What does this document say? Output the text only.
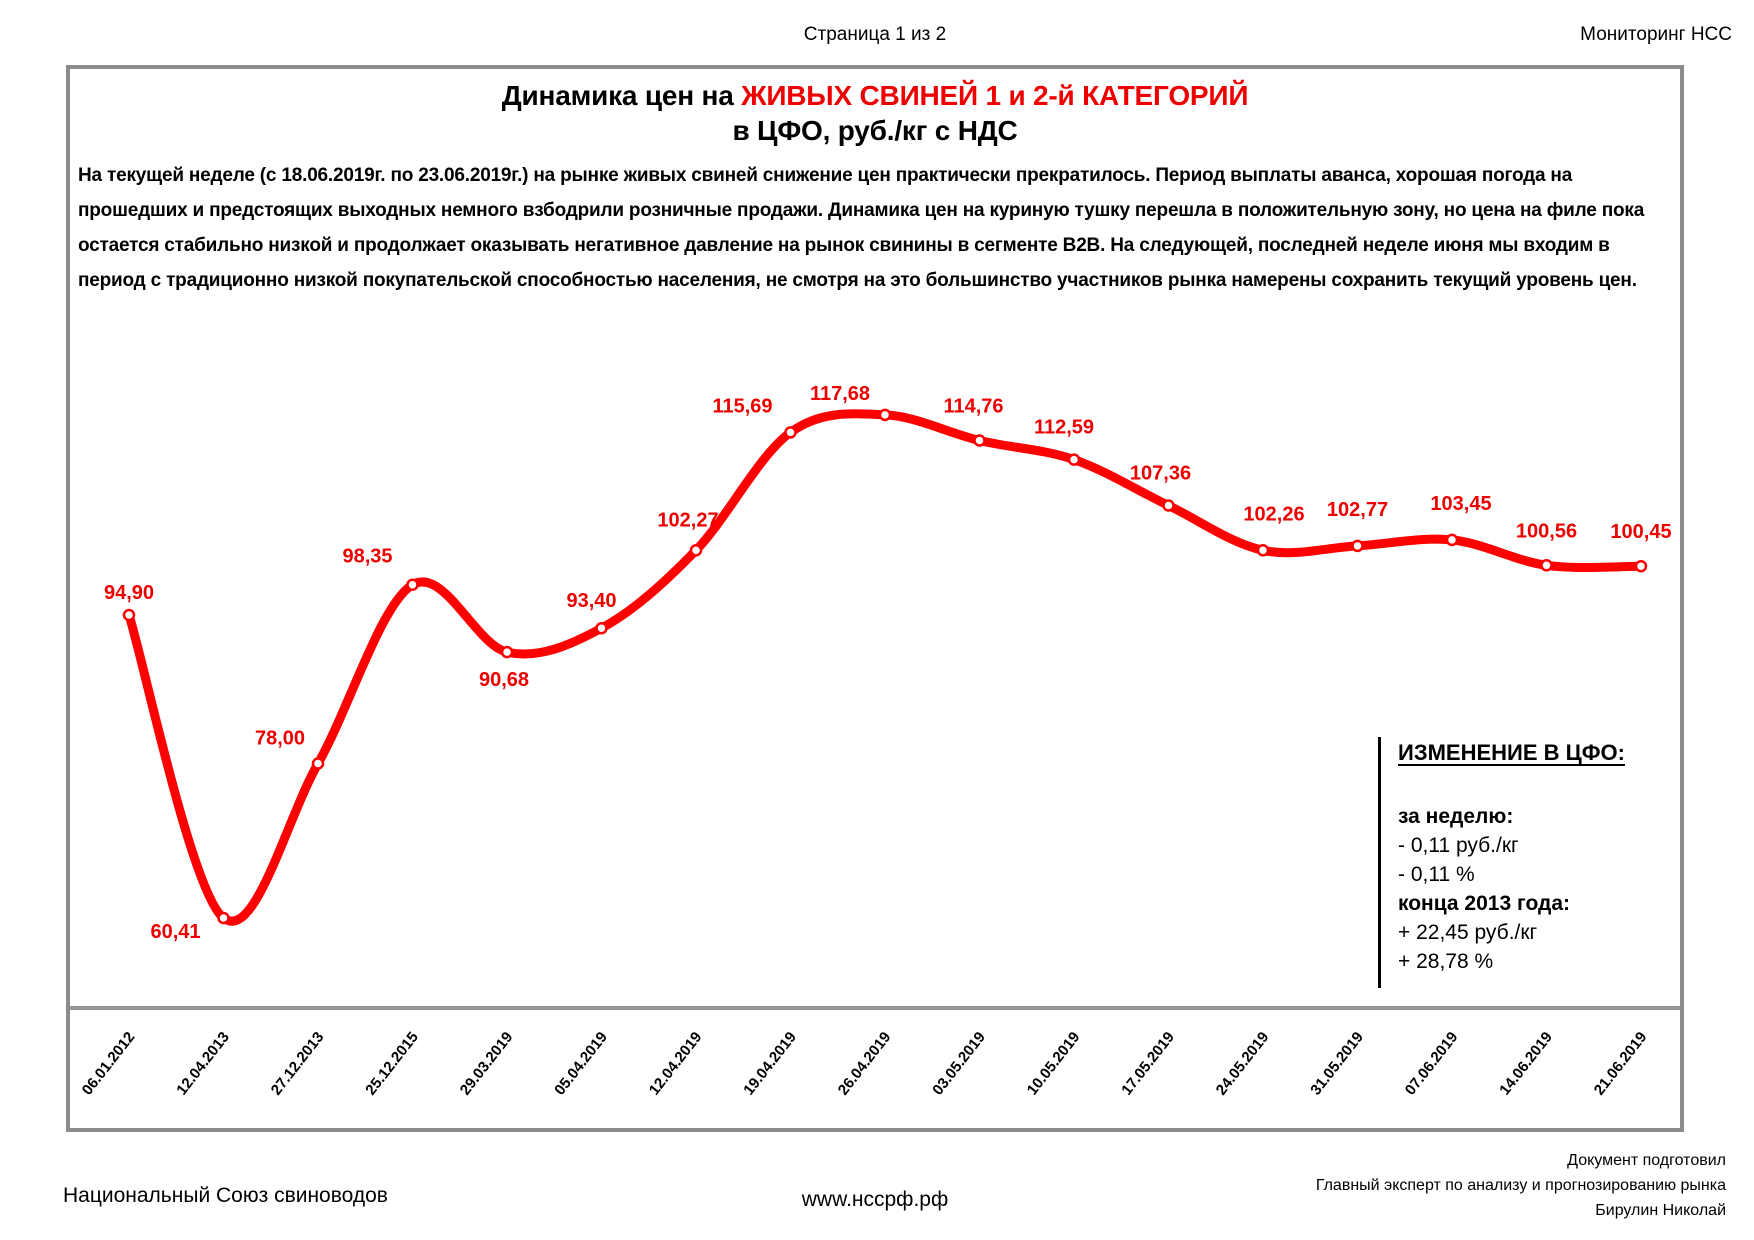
Страница 1 из 2	Мониторинг НСС
Динамика цен на ЖИВЫХ СВИНЕЙ 1 и 2-й КАТЕГОРИЙ
в ЦФО, руб./кг с НДС
На текущей неделе (с 18.06.2019г. по 23.06.2019г.) на рынке живых свиней снижение цен практически прекратилось. Период выплаты аванса, хорошая погода на прошедших и предстоящих выходных немного взбодрили розничные продажи. Динамика цен на куриную тушку перешла в положительную зону, но цена на филе пока остается стабильно низкой и продолжает оказывать негативное давление на рынок свинины в сегменте В2В. На следующей, последней неделе июня мы входим в период с традиционно низкой покупательской способностью населения, не смотря на это большинство участников рынка намерены сохранить текущий уровень цен.
94,90
60,41
78,00
98,35
90,68
93,40
102,27
115,69
117,68
114,76
112,59
107,36
102,26 102,77 103,45
100,56 100,45
06.01.2012 12.04.2013 27.12.2013 25.12.2015 29.03.2019 05.04.2019 12.04.2019 19.04.2019 26.04.2019 03.05.2019 10.05.2019 17.05.2019 24.05.2019 31.05.2019 07.06.2019 14.06.2019 21.06.2019
ИЗМЕНЕНИЕ В ЦФО:
за неделю:
- 0,11 руб./кг
- 0,11 %
конца 2013 года:
+ 22,45 руб./кг
+ 28,78 %
Национальный Союз свиноводов	www.нссрф.рф
Документ подготовил
Главный эксперт по анализу и прогнозированию рынка
Бирулин Николай
